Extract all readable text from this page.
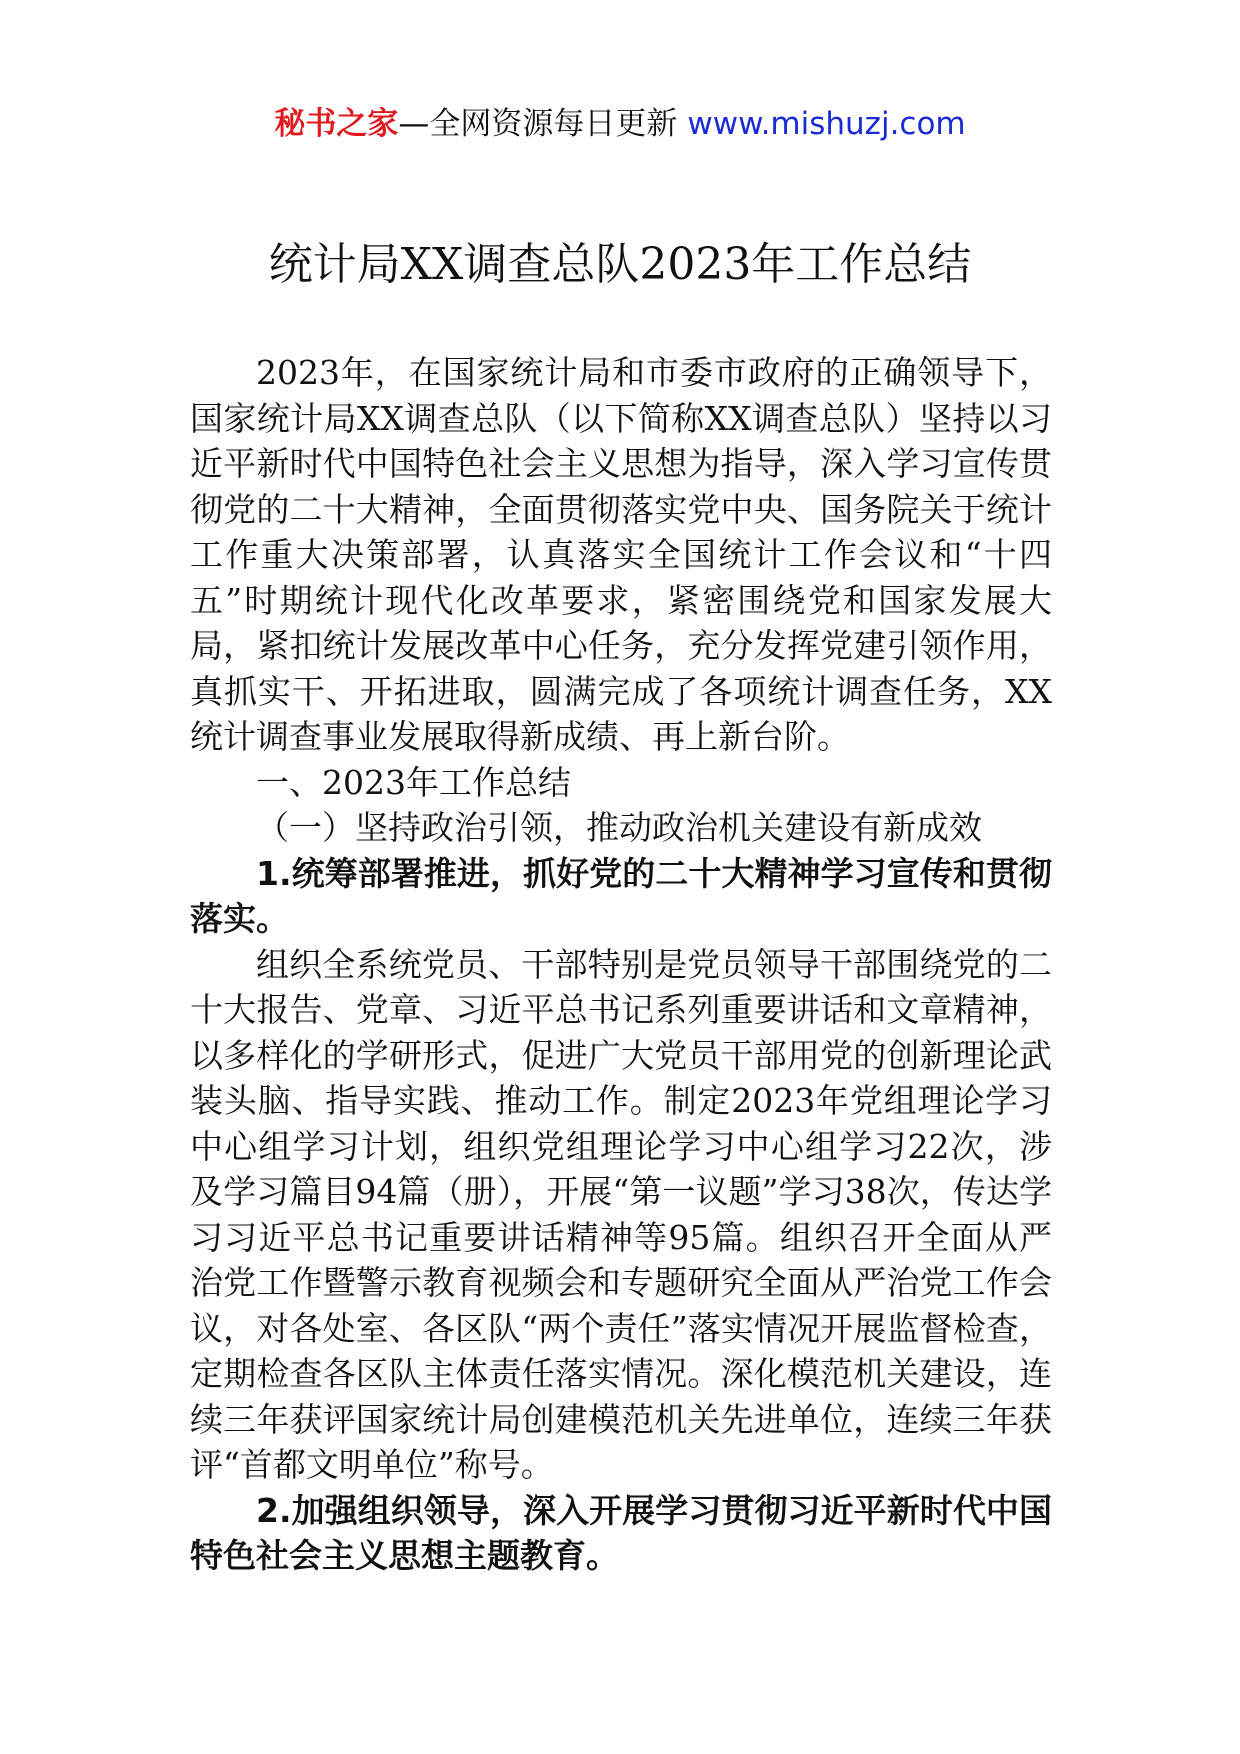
秘书之家—全网资源每日更新 www.mishuzj.com
统计局XX调查总队2023年工作总结

2023年，在国家统计局和市委市政府的正确领导下，国家统计局XX调查总队（以下简称XX调查总队）坚持以习近平新时代中国特色社会主义思想为指导，深入学习宣传贯彻党的二十大精神，全面贯彻落实党中央、国务院关于统计工作重大决策部署，认真落实全国统计工作会议和“十四五”时期统计现代化改革要求，紧密围绕党和国家发展大局，紧扣统计发展改革中心任务，充分发挥党建引领作用，真抓实干、开拓进取，圆满完成了各项统计调查任务，XX统计调查事业发展取得新成绩、再上新台阶。

一、2023年工作总结

（一）坚持政治引领，推动政治机关建设有新成效

1.统筹部署推进，抓好党的二十大精神学习宣传和贯彻落实。

组织全系统党员、干部特别是党员领导干部围绕党的二十大报告、党章、习近平总书记系列重要讲话和文章精神，以多样化的学研形式，促进广大党员干部用党的创新理论武装头脑、指导实践、推动工作。制定2023年党组理论学习中心组学习计划，组织党组理论学习中心组学习22次，涉及学习篇目94篇（册），开展“第一议题”学习38次，传达学习习近平总书记重要讲话精神等95篇。组织召开全面从严治党工作暨警示教育视频会和专题研究全面从严治党工作会议，对各处室、各区队“两个责任”落实情况开展监督检查，定期检查各区队主体责任落实情况。深化模范机关建设，连续三年获评国家统计局创建模范机关先进单位，连续三年获评“首都文明单位”称号。

2.加强组织领导，深入开展学习贯彻习近平新时代中国特色社会主义思想主题教育。
